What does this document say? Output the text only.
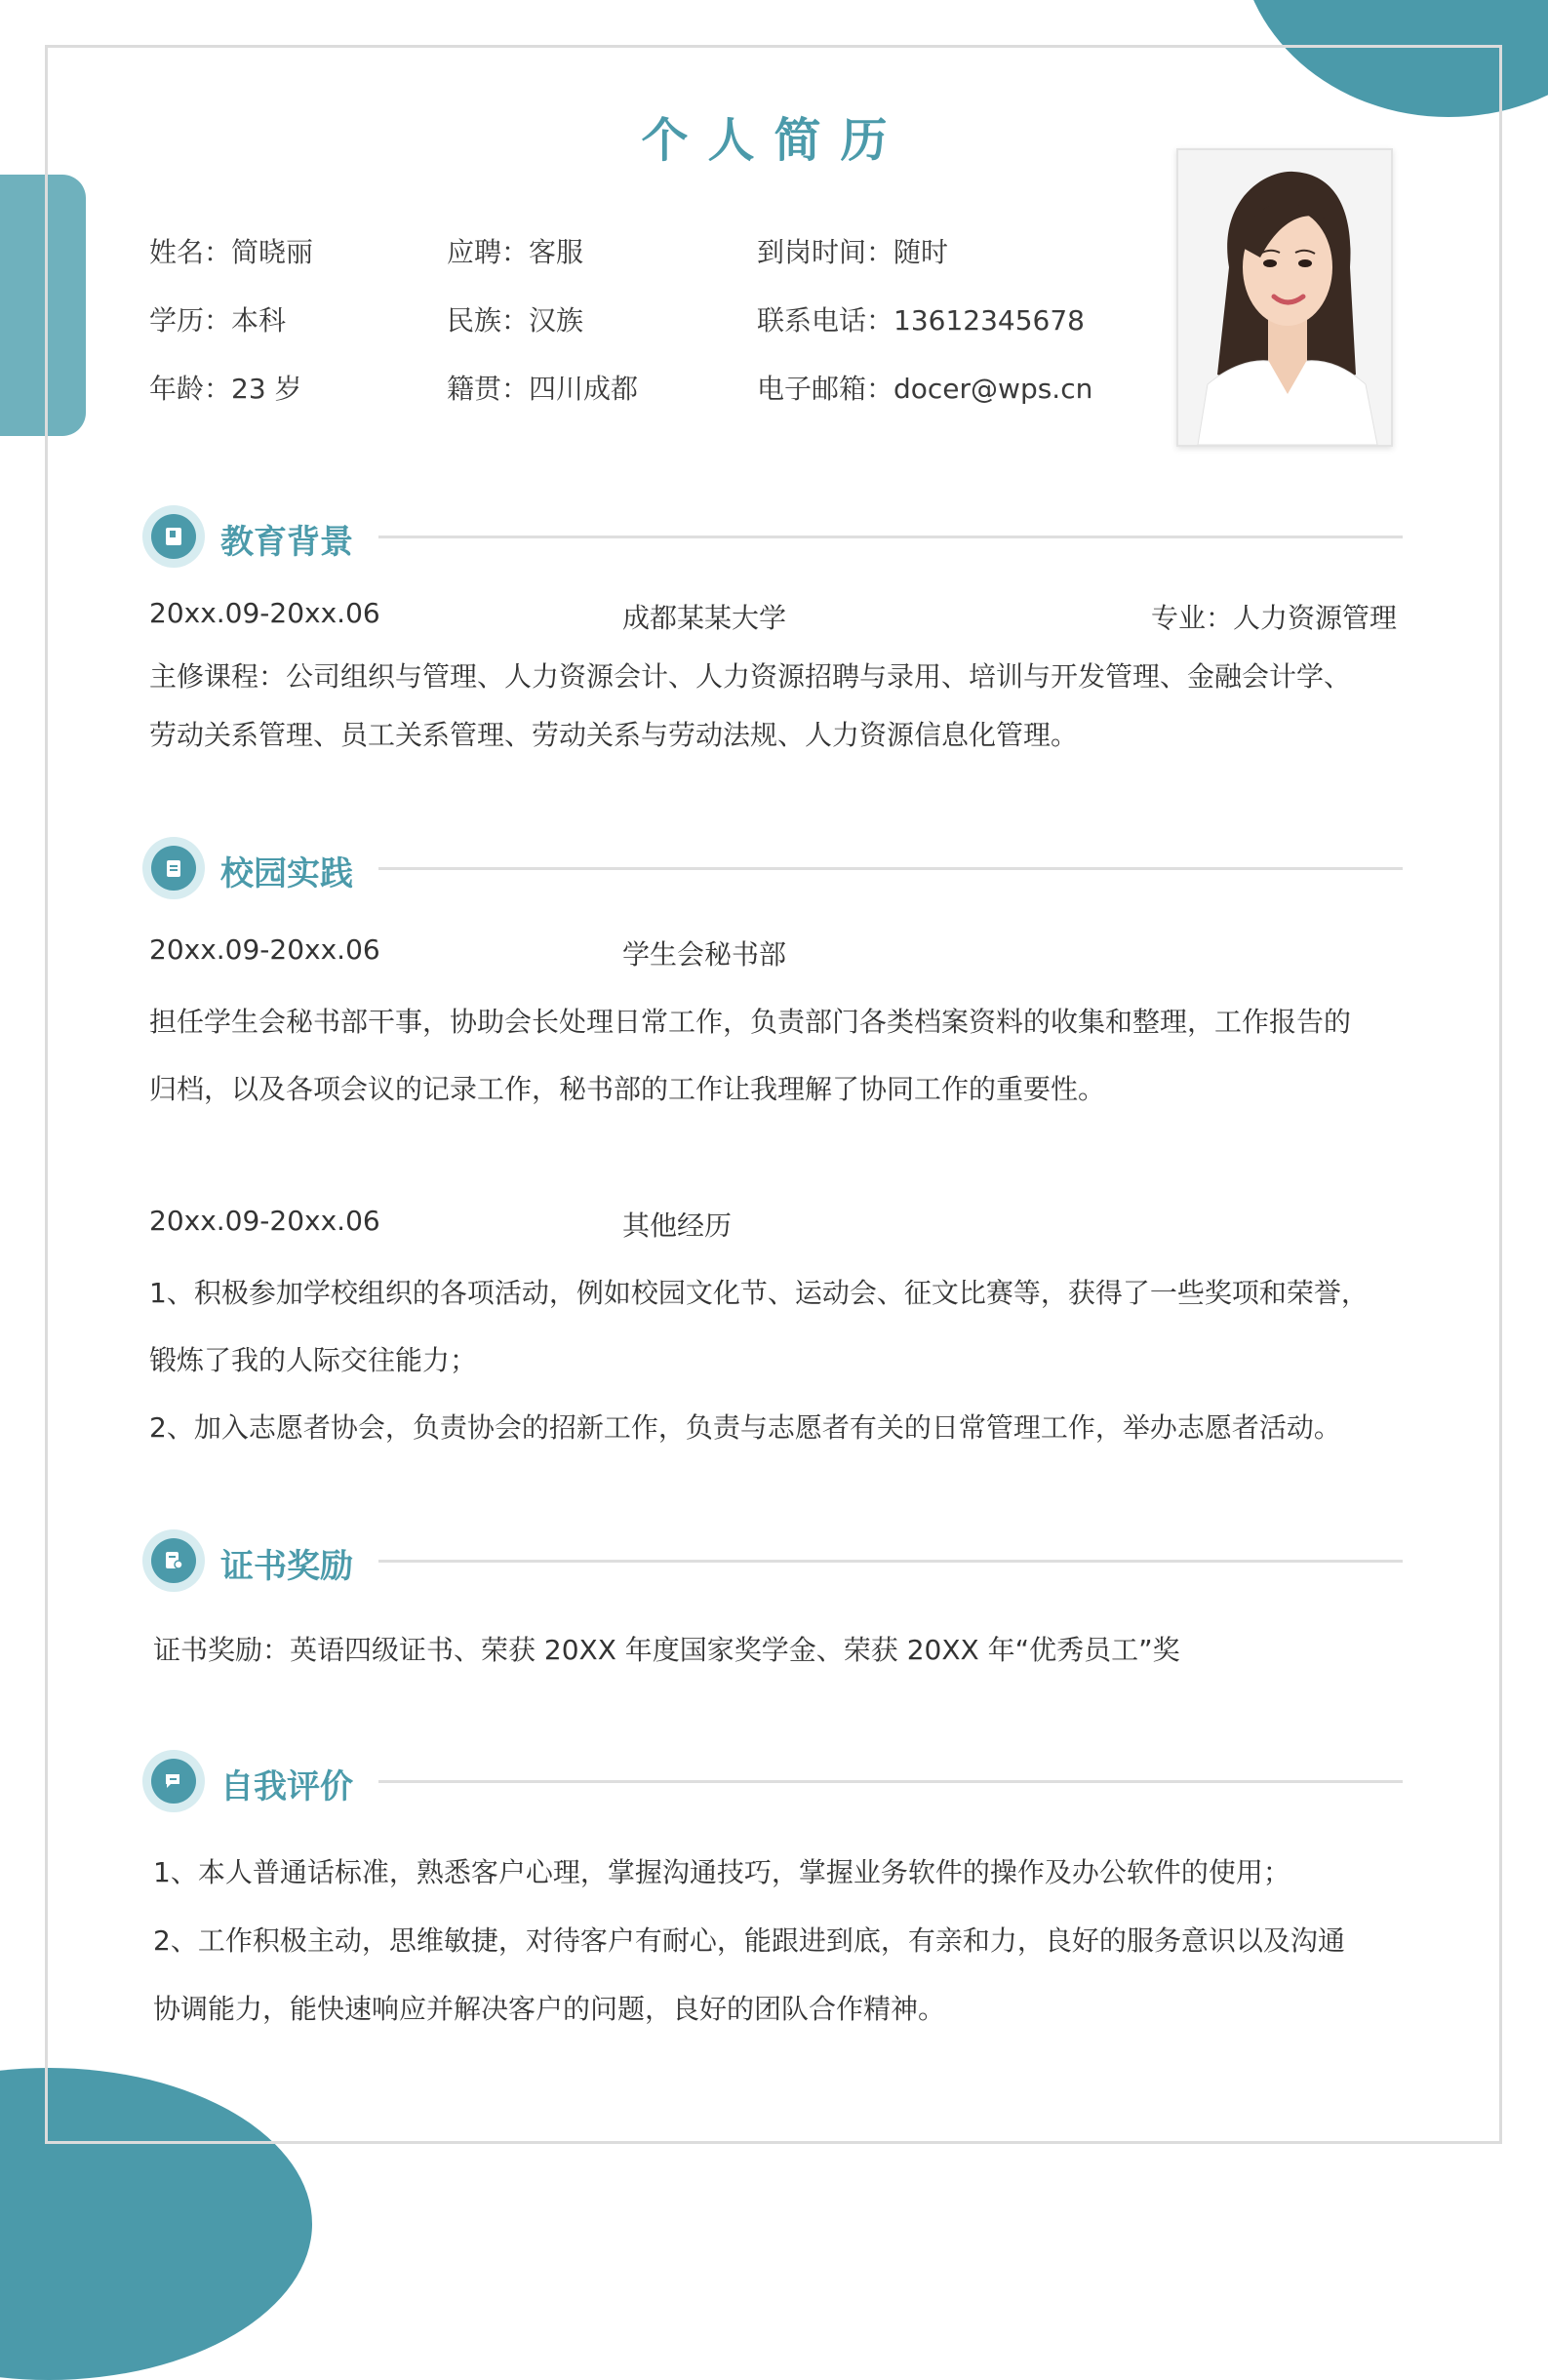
个人简历
姓名：简晓丽	应聘：客服	到岗时间：随时
学历：本科	民族：汉族	联系电话：13612345678
年龄：23 岁	籍贯：四川成都	电子邮箱：docer@wps.cn
教育背景
20xx.09-20xx.06	成都某某大学	专业：人力资源管理
主修课程：公司组织与管理、人力资源会计、人力资源招聘与录用、培训与开发管理、金融会计学、
劳动关系管理、员工关系管理、劳动关系与劳动法规、人力资源信息化管理。
校园实践
20xx.09-20xx.06	学生会秘书部
担任学生会秘书部干事，协助会长处理日常工作，负责部门各类档案资料的收集和整理，工作报告的
归档，以及各项会议的记录工作，秘书部的工作让我理解了协同工作的重要性。
20xx.09-20xx.06	其他经历
1、积极参加学校组织的各项活动，例如校园文化节、运动会、征文比赛等，获得了一些奖项和荣誉，
锻炼了我的人际交往能力；
2、加入志愿者协会，负责协会的招新工作，负责与志愿者有关的日常管理工作，举办志愿者活动。
证书奖励
证书奖励：英语四级证书、荣获 20XX 年度国家奖学金、荣获 20XX 年“优秀员工”奖
自我评价
1、本人普通话标准，熟悉客户心理，掌握沟通技巧，掌握业务软件的操作及办公软件的使用；
2、工作积极主动，思维敏捷，对待客户有耐心，能跟进到底，有亲和力，良好的服务意识以及沟通
协调能力，能快速响应并解决客户的问题，良好的团队合作精神。
